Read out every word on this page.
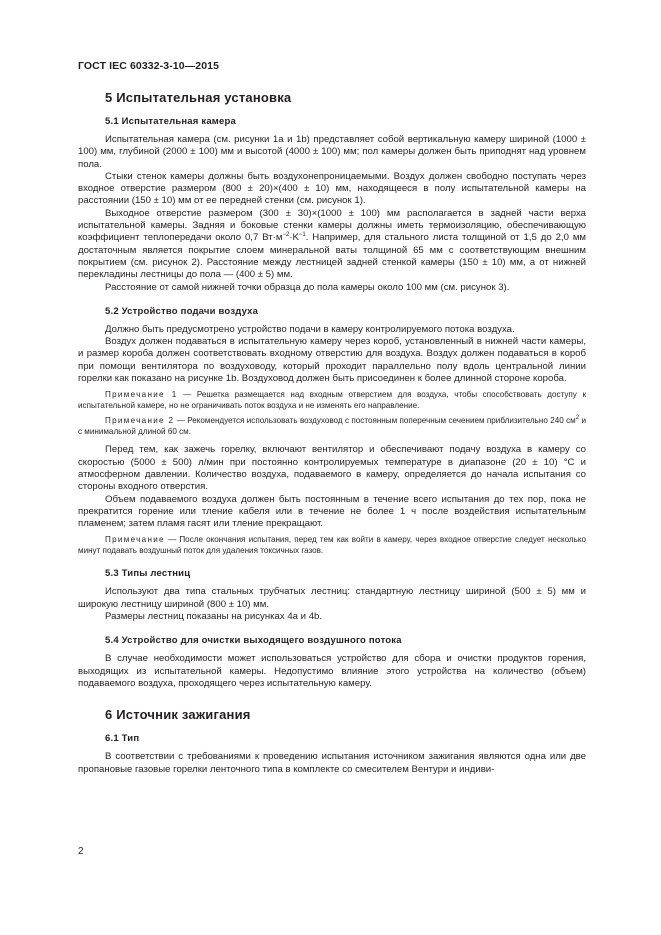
ГОСТ IEC 60332-3-10—2015
5 Испытательная установка
5.1 Испытательная камера

Испытательная камера (см. рисунки 1a и 1b) представляет собой вертикальную камеру шириной (1000 ± 100) мм, глубиной (2000 ± 100) мм и высотой (4000 ± 100) мм; пол камеры должен быть приподнят над уровнем пола.

Стыки стенок камеры должны быть воздухонепроницаемыми. Воздух должен свободно поступать через входное отверстие размером (800 ± 20)×(400 ± 10) мм, находящееся в полу испытательной камеры на расстоянии (150 ± 10) мм от ее передней стенки (см. рисунок 1).

Выходное отверстие размером (300 ± 30)×(1000 ± 100) мм располагается в задней части верха испытательной камеры. Задняя и боковые стенки камеры должны иметь термоизоляцию, обеспечивающую коэффициент теплопередачи около 0,7 $Вт\cdot м^{-2}\cdot K^{-1}$. Например, для стального листа толщиной от 1,5 до 2,0 мм достаточным является покрытие слоем минеральной ваты толщиной 65 мм с соответствующим внешним покрытием (см. рисунок 2). Расстояние между лестницей задней стенкой камеры (150 ± 10) мм, а от нижней перекладины лестницы до пола — (400 ± 5) мм.

Расстояние от самой нижней точки образца до пола камеры около 100 мм (см. рисунок 3).

5.2 Устройство подачи воздуха

Должно быть предусмотрено устройство подачи в камеру контролируемого потока воздуха.

Воздух должен подаваться в испытательную камеру через короб, установленный в нижней части камеры, и размер короба должен соответствовать входному отверстию для воздуха. Воздух должен подаваться в короб при помощи вентилятора по воздуховоду, который проходит параллельно полу вдоль центральной линии горелки как показано на рисунке 1b. Воздуховод должен быть присоединен к более длинной стороне короба.

Примечание 1 — Решетка размещается над входным отверстием для воздуха, чтобы способствовать доступу к испытательной камере, но не ограничивать поток воздуха и не изменять его направление.

Примечание 2 — Рекомендуется использовать воздуховод с постоянным поперечным сечением приблизительно 240 $см^2$ и с минимальной длиной 60 см.

Перед тем, как зажечь горелку, включают вентилятор и обеспечивают подачу воздуха в камеру со скоростью (5000 ± 500) л/мин при постоянно контролируемых температуре в диапазоне (20 ± 10) °C и атмосферном давлении. Количество воздуха, подаваемого в камеру, определяется до начала испытания со стороны входного отверстия.

Объем подаваемого воздуха должен быть постоянным в течение всего испытания до тех пор, пока не прекратится горение или тление кабеля или в течение не более 1 ч после воздействия испытательным пламенем; затем пламя гасят или тление прекращают.

Примечание — После окончания испытания, перед тем как войти в камеру, через входное отверстие следует несколько минут подавать воздушный поток для удаления токсичных газов.

5.3 Типы лестниц

Используют два типа стальных трубчатых лестниц: стандартную лестницу шириной (500 ± 5) мм и широкую лестницу шириной (800 ± 10) мм.

Размеры лестниц показаны на рисунках 4a и 4b.

5.4 Устройство для очистки выходящего воздушного потока

В случае необходимости может использоваться устройство для сбора и очистки продуктов горения, выходящих из испытательной камеры. Недопустимо влияние этого устройства на количество (объем) подаваемого воздуха, проходящего через испытательную камеру.

6 Источник зажигания
6.1 Тип

В соответствии с требованиями к проведению испытания источником зажигания являются одна или две пропановые газовые горелки ленточного типа в комплекте со смесителем Вентури и индиви-

2
